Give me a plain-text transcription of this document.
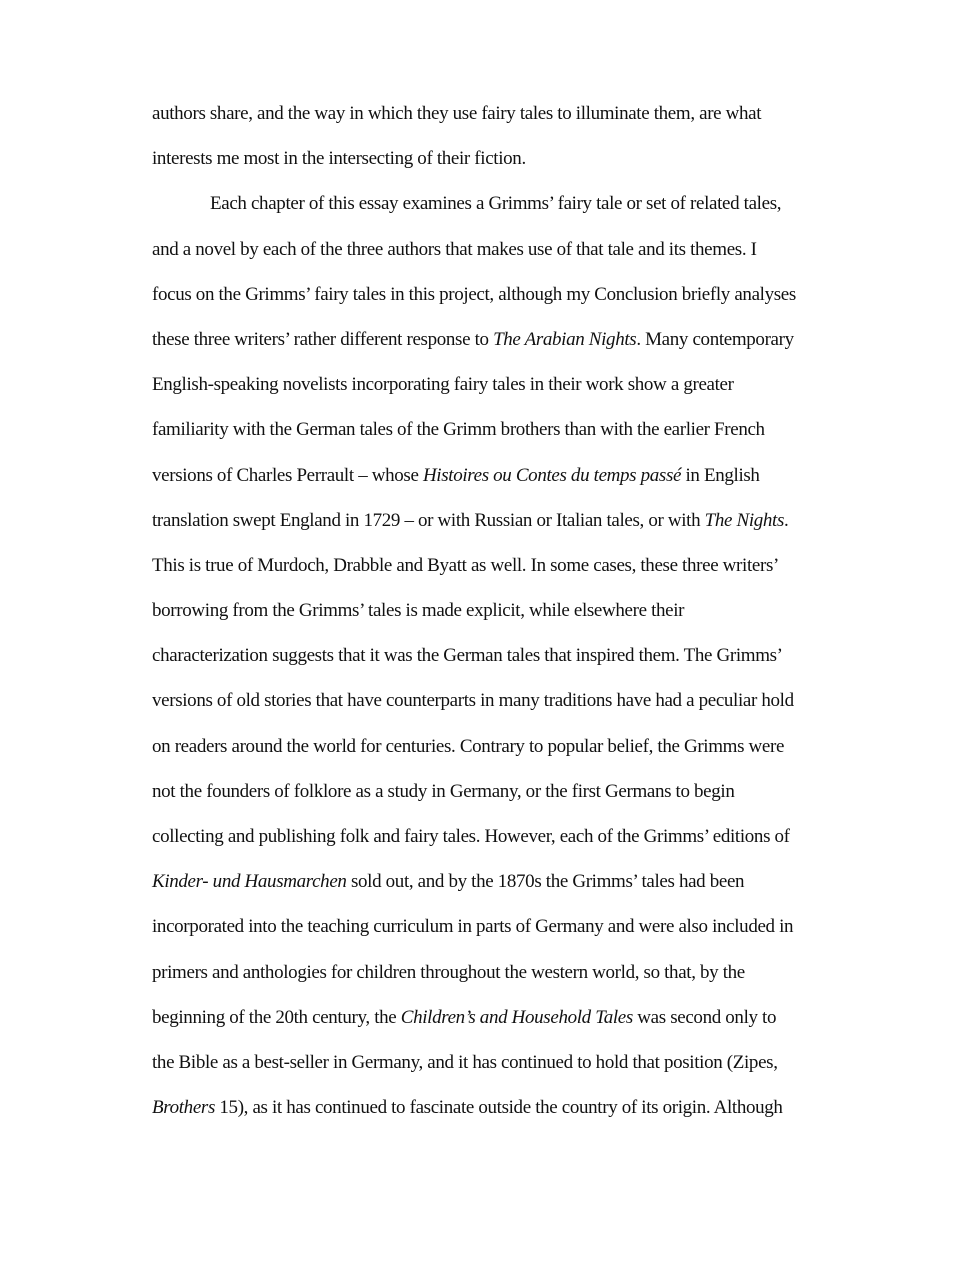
authors share, and the way in which they use fairy tales to illuminate them, are what
interests me most in the intersecting of their fiction.
Each chapter of this essay examines a Grimms’ fairy tale or set of related tales,
and a novel by each of the three authors that makes use of that tale and its themes. I
focus on the Grimms’ fairy tales in this project, although my Conclusion briefly analyses
these three writers’ rather different response to The Arabian Nights. Many contemporary
English-speaking novelists incorporating fairy tales in their work show a greater
familiarity with the German tales of the Grimm brothers than with the earlier French
versions of Charles Perrault – whose Histoires ou Contes du temps passé in English
translation swept England in 1729 – or with Russian or Italian tales, or with The Nights.
This is true of Murdoch, Drabble and Byatt as well. In some cases, these three writers’
borrowing from the Grimms’ tales is made explicit, while elsewhere their
characterization suggests that it was the German tales that inspired them. The Grimms’
versions of old stories that have counterparts in many traditions have had a peculiar hold
on readers around the world for centuries. Contrary to popular belief, the Grimms were
not the founders of folklore as a study in Germany, or the first Germans to begin
collecting and publishing folk and fairy tales. However, each of the Grimms’ editions of
Kinder- und Hausmarchen sold out, and by the 1870s the Grimms’ tales had been
incorporated into the teaching curriculum in parts of Germany and were also included in
primers and anthologies for children throughout the western world, so that, by the
beginning of the 20th century, the Children’s and Household Tales was second only to
the Bible as a best-seller in Germany, and it has continued to hold that position (Zipes,
Brothers 15), as it has continued to fascinate outside the country of its origin. Although
